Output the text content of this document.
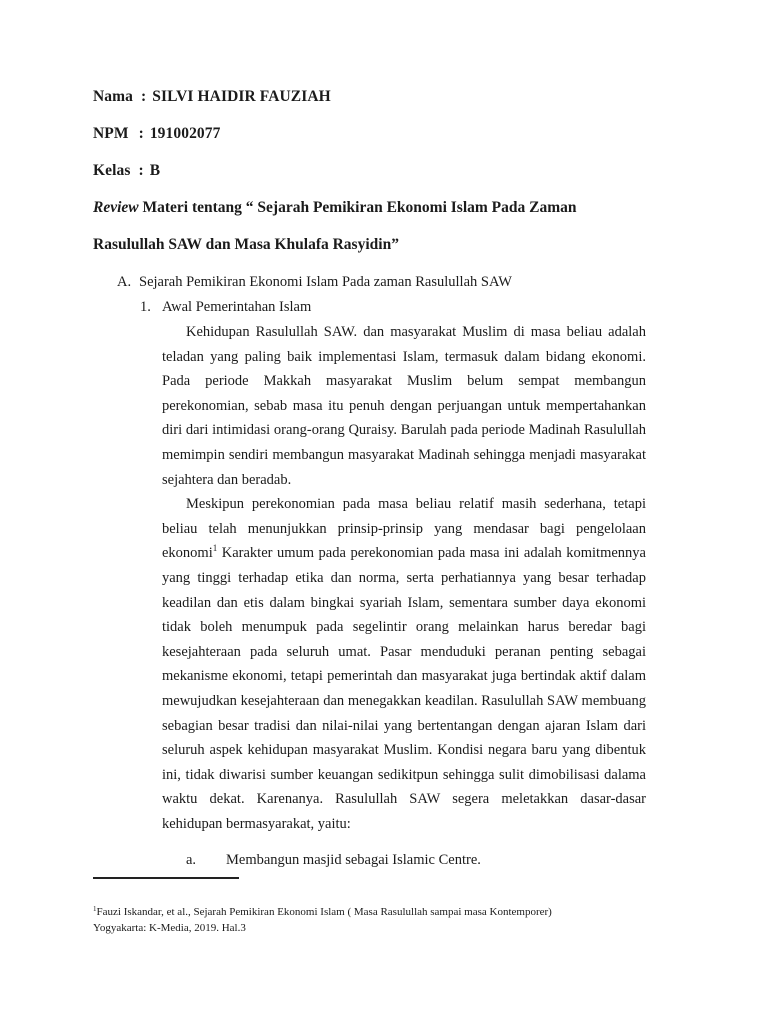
Nama : SILVI HAIDIR FAUZIAH
NPM : 191002077
Kelas : B
Review Materi tentang “ Sejarah Pemikiran Ekonomi Islam Pada Zaman
Rasulullah SAW dan Masa Khulafa Rasyidin”
A. Sejarah Pemikiran Ekonomi Islam Pada zaman Rasulullah SAW
1. Awal Pemerintahan Islam

Kehidupan Rasulullah SAW. dan masyarakat Muslim di masa beliau adalah teladan yang paling baik implementasi Islam, termasuk dalam bidang ekonomi. Pada periode Makkah masyarakat Muslim belum sempat membangun perekonomian, sebab masa itu penuh dengan perjuangan untuk mempertahankan diri dari intimidasi orang-orang Quraisy. Barulah pada periode Madinah Rasulullah memimpin sendiri membangun masyarakat Madinah sehingga menjadi masyarakat sejahtera dan beradab.

Meskipun perekonomian pada masa beliau relatif masih sederhana, tetapi beliau telah menunjukkan prinsip-prinsip yang mendasar bagi pengelolaan ekonomi$^1$ Karakter umum pada perekonomian pada masa ini adalah komitmennya yang tinggi terhadap etika dan norma, serta perhatiannya yang besar terhadap keadilan dan etis dalam bingkai syariah Islam, sementara sumber daya ekonomi tidak boleh menumpuk pada segelintir orang melainkan harus beredar bagi kesejahteraan pada seluruh umat. Pasar menduduki peranan penting sebagai mekanisme ekonomi, tetapi pemerintah dan masyarakat juga bertindak aktif dalam mewujudkan kesejahteraan dan menegakkan keadilan. Rasulullah SAW membuang sebagian besar tradisi dan nilai-nilai yang bertentangan dengan ajaran Islam dari seluruh aspek kehidupan masyarakat Muslim. Kondisi negara baru yang dibentuk ini, tidak diwarisi sumber keuangan sedikitpun sehingga sulit dimobilisasi dalama waktu dekat. Karenanya. Rasulullah SAW segera meletakkan dasar-dasar kehidupan bermasyarakat, yaitu:

a. Membangun masjid sebagai Islamic Centre.
$^1$Fauzi Iskandar, et al., Sejarah Pemikiran Ekonomi Islam ( Masa Rasulullah sampai masa Kontemporer)
Yogyakarta: K-Media, 2019. Hal.3
